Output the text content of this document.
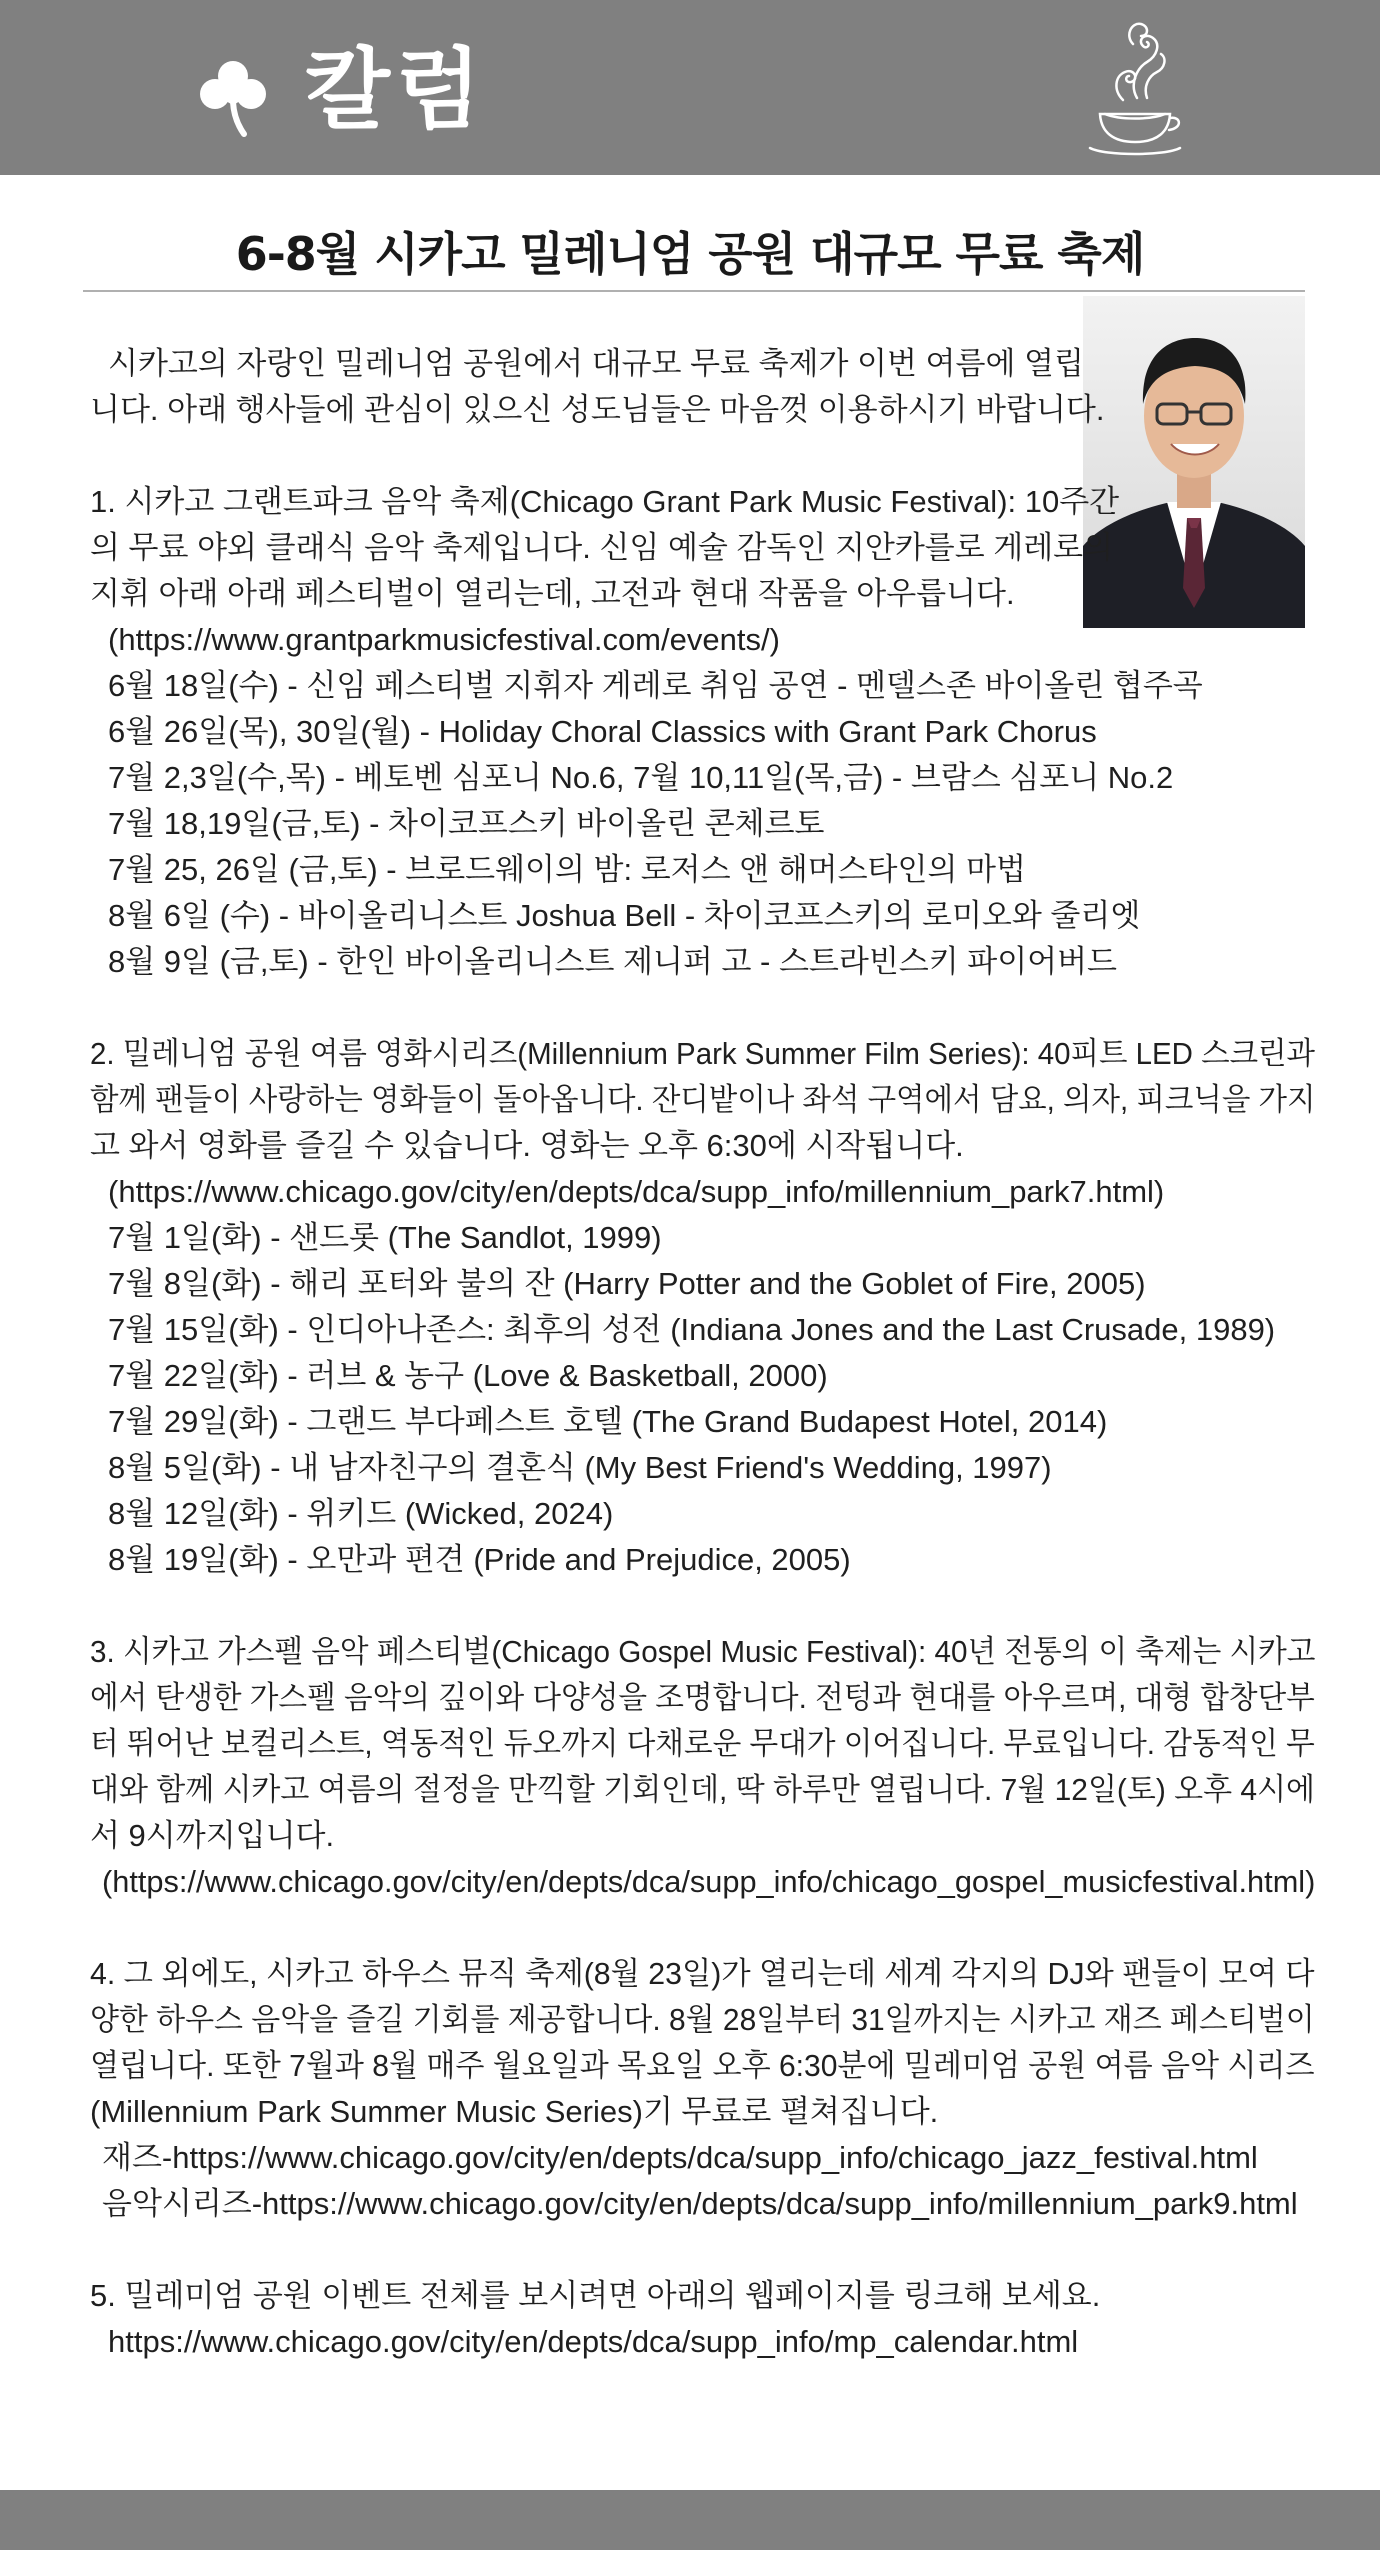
칼럼
6-8월 시카고 밀레니엄 공원 대규모 무료 축제
시카고의 자랑인 밀레니엄 공원에서 대규모 무료 축제가 이번 여름에 열립
니다. 아래 행사들에 관심이 있으신 성도님들은 마음껏 이용하시기 바랍니다.
1. 시카고 그랜트파크 음악 축제(Chicago Grant Park Music Festival): 10주간
의 무료 야외 클래식 음악 축제입니다. 신임 예술 감독인 지안카를로 게레로의
지휘 아래 아래 페스티벌이 열리는데, 고전과 현대 작품을 아우릅니다.
(https://www.grantparkmusicfestival.com/events/)
6월 18일(수) - 신임 페스티벌 지휘자 게레로 취임 공연 - 멘델스존 바이올린 협주곡
6월 26일(목), 30일(월) - Holiday Choral Classics with Grant Park Chorus
7월 2,3일(수,목) - 베토벤 심포니 No.6, 7월 10,11일(목,금) - 브람스 심포니 No.2
7월 18,19일(금,토) - 차이코프스키 바이올린 콘체르토
7월 25, 26일 (금,토) - 브로드웨이의 밤: 로저스 앤 해머스타인의 마법
8월 6일 (수) - 바이올리니스트 Joshua Bell - 차이코프스키의 로미오와 줄리엣
8월 9일 (금,토) - 한인 바이올리니스트 제니퍼 고 - 스트라빈스키 파이어버드
2. 밀레니엄 공원 여름 영화시리즈(Millennium Park Summer Film Series): 40피트 LED 스크린과
함께 팬들이 사랑하는 영화들이 돌아옵니다. 잔디밭이나 좌석 구역에서 담요, 의자, 피크닉을 가지
고 와서 영화를 즐길 수 있습니다. 영화는 오후 6:30에 시작됩니다.
(https://www.chicago.gov/city/en/depts/dca/supp_info/millennium_park7.html)
7월 1일(화) - 샌드롯 (The Sandlot, 1999)
7월 8일(화) - 해리 포터와 불의 잔 (Harry Potter and the Goblet of Fire, 2005)
7월 15일(화) - 인디아나존스: 최후의 성전 (Indiana Jones and the Last Crusade, 1989)
7월 22일(화) - 러브 & 농구 (Love & Basketball, 2000)
7월 29일(화) - 그랜드 부다페스트 호텔 (The Grand Budapest Hotel, 2014)
8월 5일(화) - 내 남자친구의 결혼식 (My Best Friend's Wedding, 1997)
8월 12일(화) - 위키드 (Wicked, 2024)
8월 19일(화) - 오만과 편견 (Pride and Prejudice, 2005)
3. 시카고 가스펠 음악 페스티벌(Chicago Gospel Music Festival): 40년 전통의 이 축제는 시카고
에서 탄생한 가스펠 음악의 깊이와 다양성을 조명합니다. 전텅과 현대를 아우르며, 대형 합창단부
터 뛰어난 보컬리스트, 역동적인 듀오까지 다채로운 무대가 이어집니다. 무료입니다. 감동적인 무
대와 함께 시카고 여름의 절정을 만끽할 기회인데, 딱 하루만 열립니다. 7월 12일(토) 오후 4시에
서 9시까지입니다.
(https://www.chicago.gov/city/en/depts/dca/supp_info/chicago_gospel_musicfestival.html)
4. 그 외에도, 시카고 하우스 뮤직 축제(8월 23일)가 열리는데 세계 각지의 DJ와 팬들이 모여 다
양한 하우스 음악을 즐길 기회를 제공합니다. 8월 28일부터 31일까지는 시카고 재즈 페스티벌이
열립니다. 또한 7월과 8월 매주 월요일과 목요일 오후 6:30분에 밀레미엄 공원 여름 음악 시리즈
(Millennium Park Summer Music Series)기 무료로 펼쳐집니다.
재즈-https://www.chicago.gov/city/en/depts/dca/supp_info/chicago_jazz_festival.html
음악시리즈-https://www.chicago.gov/city/en/depts/dca/supp_info/millennium_park9.html
5. 밀레미엄 공원 이벤트 전체를 보시려면 아래의 웹페이지를 링크해 보세요.
https://www.chicago.gov/city/en/depts/dca/supp_info/mp_calendar.html
